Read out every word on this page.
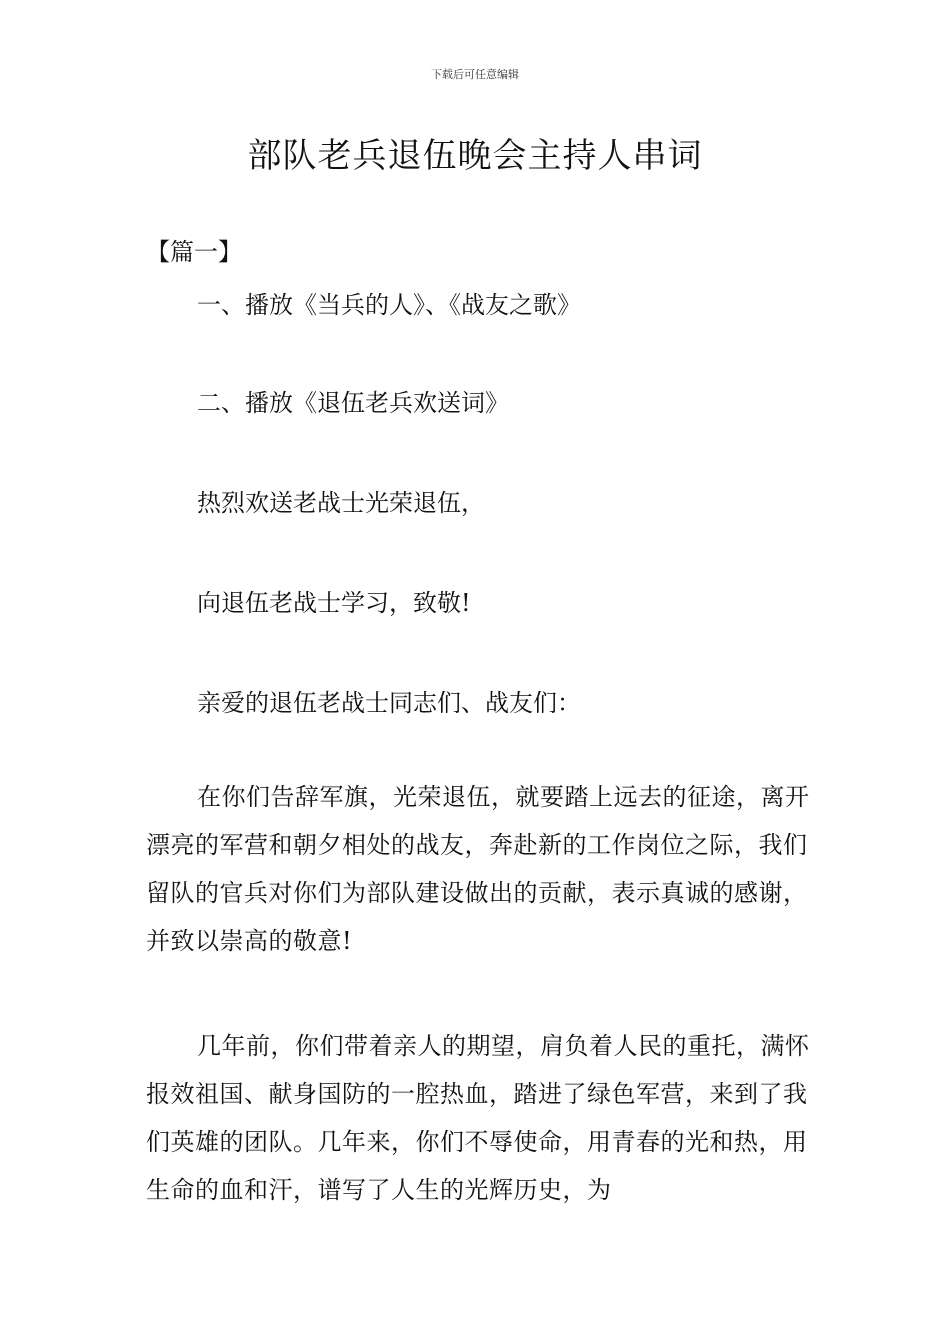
下载后可任意编辑
部队老兵退伍晚会主持人串词
【篇一】
一、播放《当兵的人》、《战友之歌》
二、播放《退伍老兵欢送词》
热烈欢送老战士光荣退伍，
向退伍老战士学习，致敬!
亲爱的退伍老战士同志们、战友们：

在你们告辞军旗，光荣退伍，就要踏上远去的征途，离开漂亮的军营和朝夕相处的战友，奔赴新的工作岗位之际，我们留队的官兵对你们为部队建设做出的贡献，表示真诚的感谢，并致以崇高的敬意!

几年前，你们带着亲人的期望，肩负着人民的重托，满怀报效祖国、献身国防的一腔热血，踏进了绿色军营，来到了我们英雄的团队。几年来，你们不辱使命，用青春的光和热，用生命的血和汗，谱写了人生的光辉历史，为
